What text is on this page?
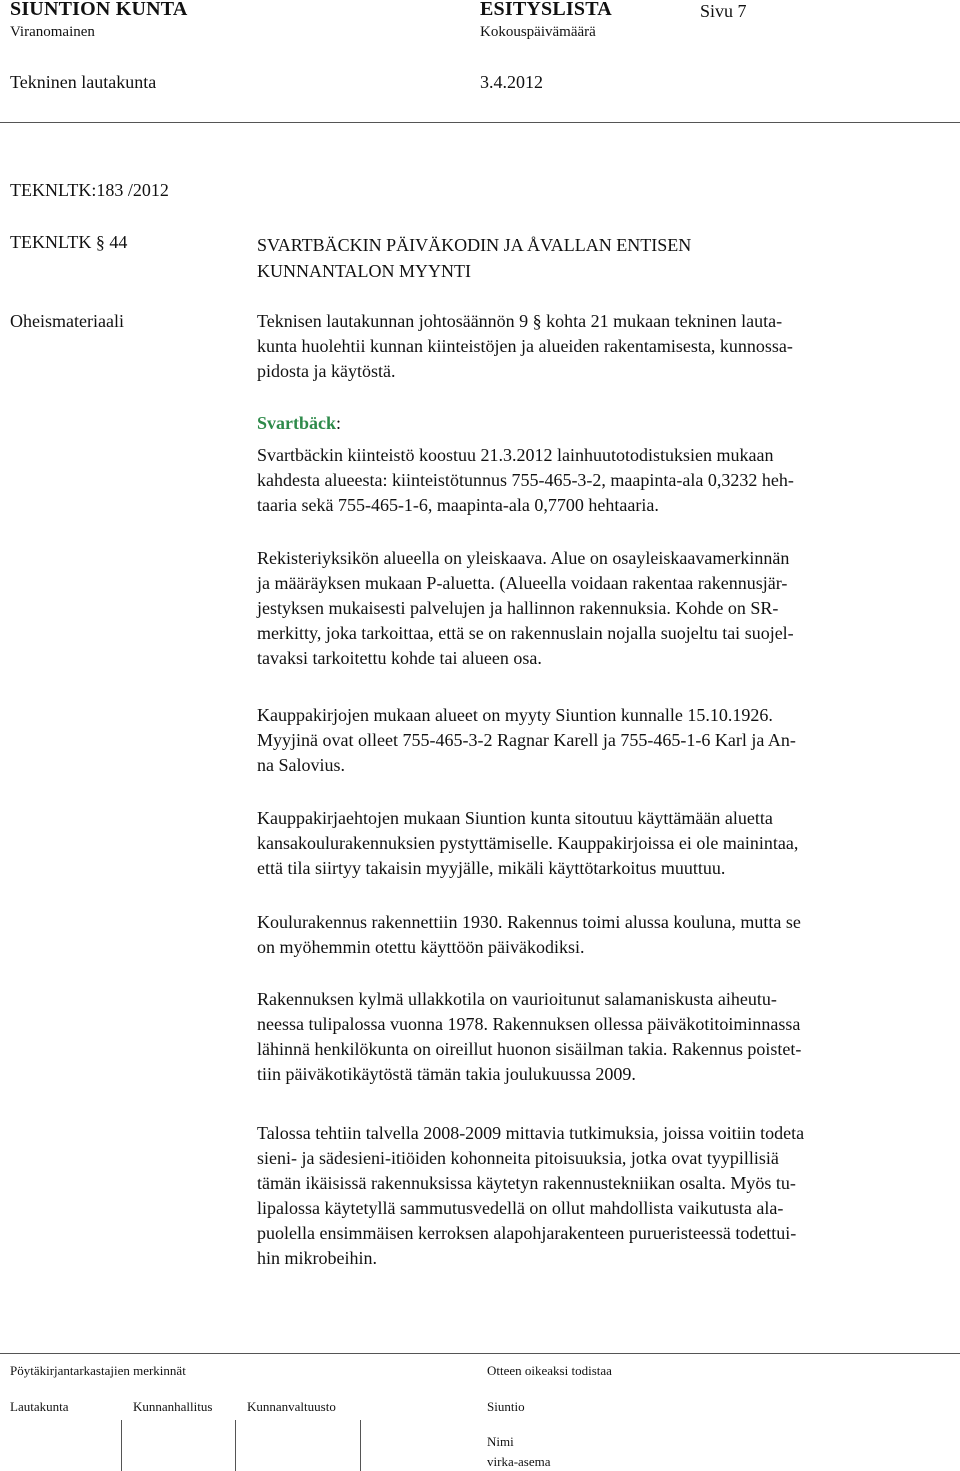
SIUNTION KUNTA	ESITYSLISTA	Sivu 7
Viranomainen	Kokouspäivämäärä
Tekninen lautakunta	3.4.2012
TEKNLTK:183 /2012
TEKNLTK § 44	SVARTBÄCKIN PÄIVÄKODIN JA ÅVALLAN ENTISEN
KUNNANTALON MYYNTI
Oheismateriaali	Teknisen lautakunnan johtosäännön 9 § kohta 21 mukaan tekninen lauta-
kunta huolehtii kunnan kiinteistöjen ja alueiden rakentamisesta, kunnossa-
pidosta ja käytöstä.
Svartbäck:
Svartbäckin kiinteistö koostuu 21.3.2012 lainhuutotodistuksien mukaan
kahdesta alueesta: kiinteistötunnus 755-465-3-2, maapinta-ala 0,3232 heh-
taaria sekä 755-465-1-6, maapinta-ala 0,7700 hehtaaria.
Rekisteriyksikön alueella on yleiskaava. Alue on osayleiskaavamerkinnän
ja määräyksen mukaan P-aluetta. (Alueella voidaan rakentaa rakennusjär-
jestyksen mukaisesti palvelujen ja hallinnon rakennuksia. Kohde on SR-
merkitty, joka tarkoittaa, että se on rakennuslain nojalla suojeltu tai suojel-
tavaksi tarkoitettu kohde tai alueen osa.
Kauppakirjojen mukaan alueet on myyty Siuntion kunnalle 15.10.1926.
Myyjinä ovat olleet 755-465-3-2 Ragnar Karell ja 755-465-1-6 Karl ja An-
na Salovius.
Kauppakirjaehtojen mukaan Siuntion kunta sitoutuu käyttämään aluetta
kansakoulurakennuksien pystyttämiselle. Kauppakirjoissa ei ole mainintaa,
että tila siirtyy takaisin myyjälle, mikäli käyttötarkoitus muuttuu.
Koulurakennus rakennettiin 1930. Rakennus toimi alussa kouluna, mutta se
on myöhemmin otettu käyttöön päiväkodiksi.
Rakennuksen kylmä ullakkotila on vaurioitunut salamaniskusta aiheutu-
neessa tulipalossa vuonna 1978. Rakennuksen ollessa päiväkotitoiminnassa
lähinnä henkilökunta on oireillut huonon sisäilman takia. Rakennus poistet-
tiin päiväkotikäytöstä tämän takia joulukuussa 2009.
Talossa tehtiin talvella 2008-2009 mittavia tutkimuksia, joissa voitiin todeta
sieni- ja sädesieni-itiöiden kohonneita pitoisuuksia, jotka ovat tyypillisiä
tämän ikäisissä rakennuksissa käytetyn rakennustekniikan osalta. Myös tu-
lipalossa käytetyllä sammutusvedellä on ollut mahdollista vaikutusta ala-
puolella ensimmäisen kerroksen alapohjarakenteen purueristeessä todettui-
hin mikrobeihin.
Pöytäkirjantarkastajien merkinnät	Otteen oikeaksi todistaa
Lautakunta	Kunnanhallitus	Kunnanvaltuusto	Siuntio
Nimi
virka-asema
